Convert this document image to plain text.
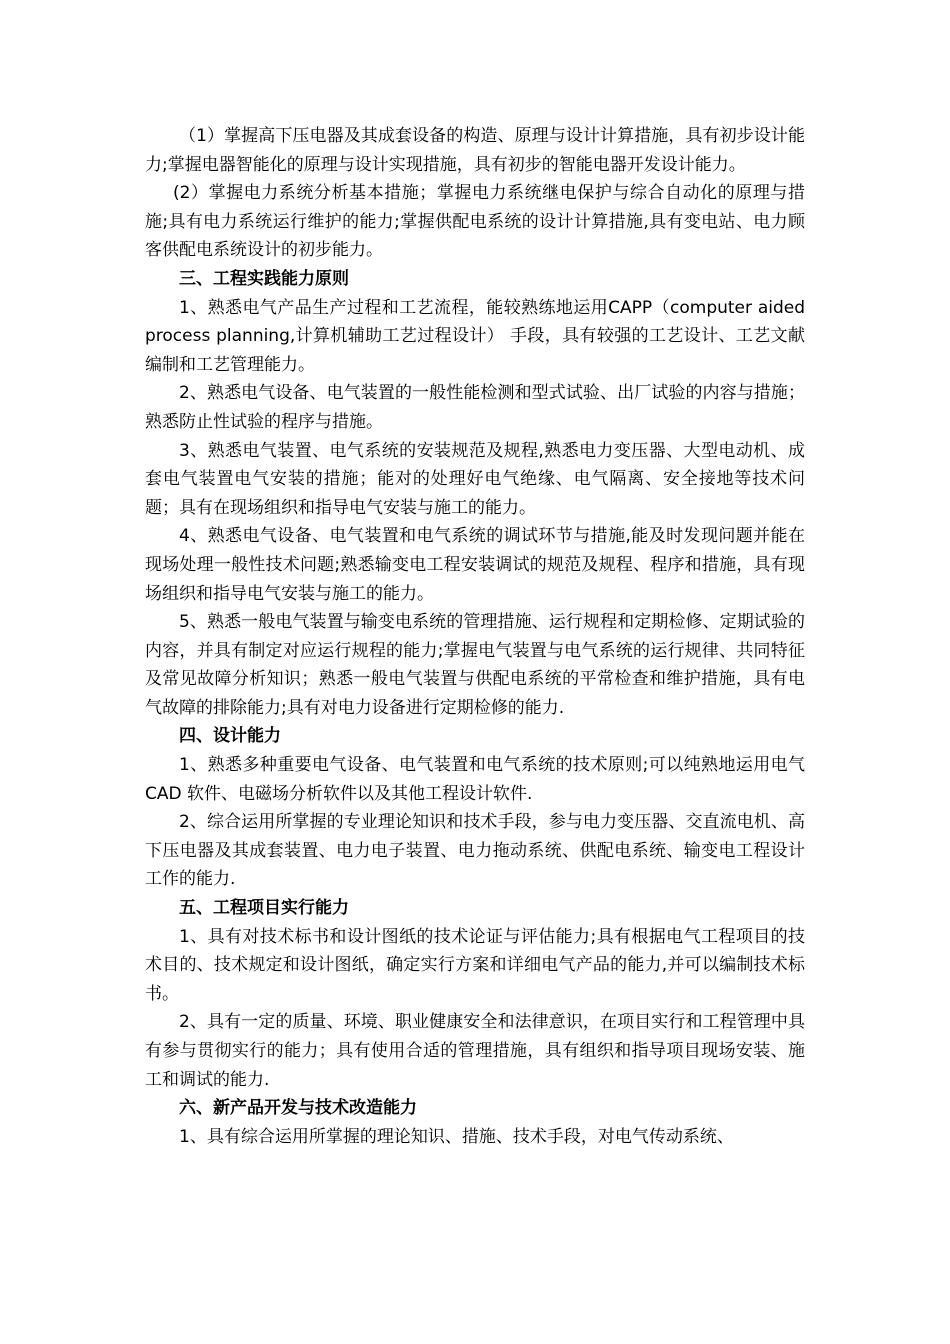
（1）掌握高下压电器及其成套设备的构造、原理与设计计算措施，具有初步设计能力;掌握电器智能化的原理与设计实现措施，具有初步的智能电器开发设计能力。

(2）掌握电力系统分析基本措施；掌握电力系统继电保护与综合自动化的原理与措施;具有电力系统运行维护的能力;掌握供配电系统的设计计算措施,具有变电站、电力顾客供配电系统设计的初步能力。

三、工程实践能力原则

1、熟悉电气产品生产过程和工艺流程，能较熟练地运用CAPP（computer aided process planning,计算机辅助工艺过程设计） 手段，具有较强的工艺设计、工艺文献编制和工艺管理能力。

2、熟悉电气设备、电气装置的一般性能检测和型式试验、出厂试验的内容与措施；熟悉防止性试验的程序与措施。

3、熟悉电气装置、电气系统的安装规范及规程,熟悉电力变压器、大型电动机、成套电气装置电气安装的措施；能对的处理好电气绝缘、电气隔离、安全接地等技术问题；具有在现场组织和指导电气安装与施工的能力。

4、熟悉电气设备、电气装置和电气系统的调试环节与措施,能及时发现问题并能在现场处理一般性技术问题;熟悉输变电工程安装调试的规范及规程、程序和措施，具有现场组织和指导电气安装与施工的能力。

5、熟悉一般电气装置与输变电系统的管理措施、运行规程和定期检修、定期试验的内容，并具有制定对应运行规程的能力;掌握电气装置与电气系统的运行规律、共同特征及常见故障分析知识；熟悉一般电气装置与供配电系统的平常检查和维护措施，具有电气故障的排除能力;具有对电力设备进行定期检修的能力.

四、设计能力

1、熟悉多种重要电气设备、电气装置和电气系统的技术原则;可以纯熟地运用电气 CAD 软件、电磁场分析软件以及其他工程设计软件.

2、综合运用所掌握的专业理论知识和技术手段，参与电力变压器、交直流电机、高下压电器及其成套装置、电力电子装置、电力拖动系统、供配电系统、输变电工程设计工作的能力.

五、工程项目实行能力

1、具有对技术标书和设计图纸的技术论证与评估能力;具有根据电气工程项目的技术目的、技术规定和设计图纸，确定实行方案和详细电气产品的能力,并可以编制技术标书。

2、具有一定的质量、环境、职业健康安全和法律意识，在项目实行和工程管理中具有参与贯彻实行的能力；具有使用合适的管理措施，具有组织和指导项目现场安装、施工和调试的能力.

六、新产品开发与技术改造能力

1、具有综合运用所掌握的理论知识、措施、技术手段，对电气传动系统、
